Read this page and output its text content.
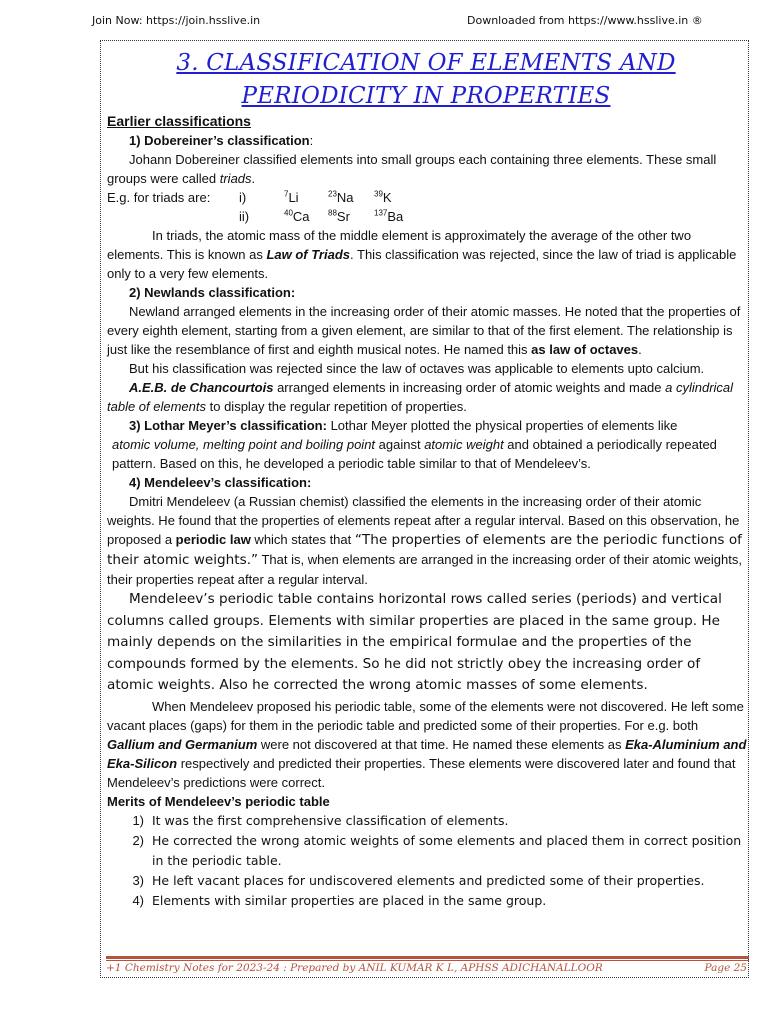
Join Now: https://join.hsslive.in	Downloaded from https://www.hsslive.in ®
3. CLASSIFICATION OF ELEMENTS AND
PERIODICITY IN PROPERTIES

Earlier classifications

1) Dobereiner’s classification:

Johann Dobereiner classified elements into small groups each containing three elements. These small groups were called triads.

E.g. for triads are:	i)	$^7$Li	$^{23}$Na	$^{39}$K
ii)	$^{40}$Ca	$^{88}$Sr	$^{137}$Ba

In triads, the atomic mass of the middle element is approximately the average of the other two elements. This is known as Law of Triads. This classification was rejected, since the law of triad is applicable only to a very few elements.

2) Newlands classification:

Newland arranged elements in the increasing order of their atomic masses. He noted that the properties of every eighth element, starting from a given element, are similar to that of the first element. The relationship is just like the resemblance of first and eighth musical notes. He named this as law of octaves.

But his classification was rejected since the law of octaves was applicable to elements upto calcium.

A.E.B. de Chancourtois arranged elements in increasing order of atomic weights and made a cylindrical table of elements to display the regular repetition of properties.

3) Lothar Meyer’s classification: Lothar Meyer plotted the physical properties of elements like

atomic volume, melting point and boiling point against atomic weight and obtained a periodically repeated pattern. Based on this, he developed a periodic table similar to that of Mendeleev’s.

4) Mendeleev’s classification:

Dmitri Mendeleev (a Russian chemist) classified the elements in the increasing order of their atomic weights. He found that the properties of elements repeat after a regular interval. Based on this observation, he proposed a periodic law which states that “The properties of elements are the periodic functions of their atomic weights.” That is, when elements are arranged in the increasing order of their atomic weights, their properties repeat after a regular interval.

Mendeleev’s periodic table contains horizontal rows called series (periods) and vertical columns called groups. Elements with similar properties are placed in the same group. He mainly depends on the similarities in the empirical formulae and the properties of the compounds formed by the elements. So he did not strictly obey the increasing order of atomic weights. Also he corrected the wrong atomic masses of some elements.

When Mendeleev proposed his periodic table, some of the elements were not discovered. He left some vacant places (gaps) for them in the periodic table and predicted some of their properties. For e.g. both Gallium and Germanium were not discovered at that time. He named these elements as Eka-Aluminium and Eka-Silicon respectively and predicted their properties. These elements were discovered later and found that Mendeleev’s predictions were correct.

Merits of Mendeleev’s periodic table

1) It was the first comprehensive classification of elements.
2) He corrected the wrong atomic weights of some elements and placed them in correct position in the periodic table.
3) He left vacant places for undiscovered elements and predicted some of their properties.
4) Elements with similar properties are placed in the same group.
+1 Chemistry Notes for 2023-24 : Prepared by ANIL KUMAR K L, APHSS ADICHANALLOOR	Page 25
